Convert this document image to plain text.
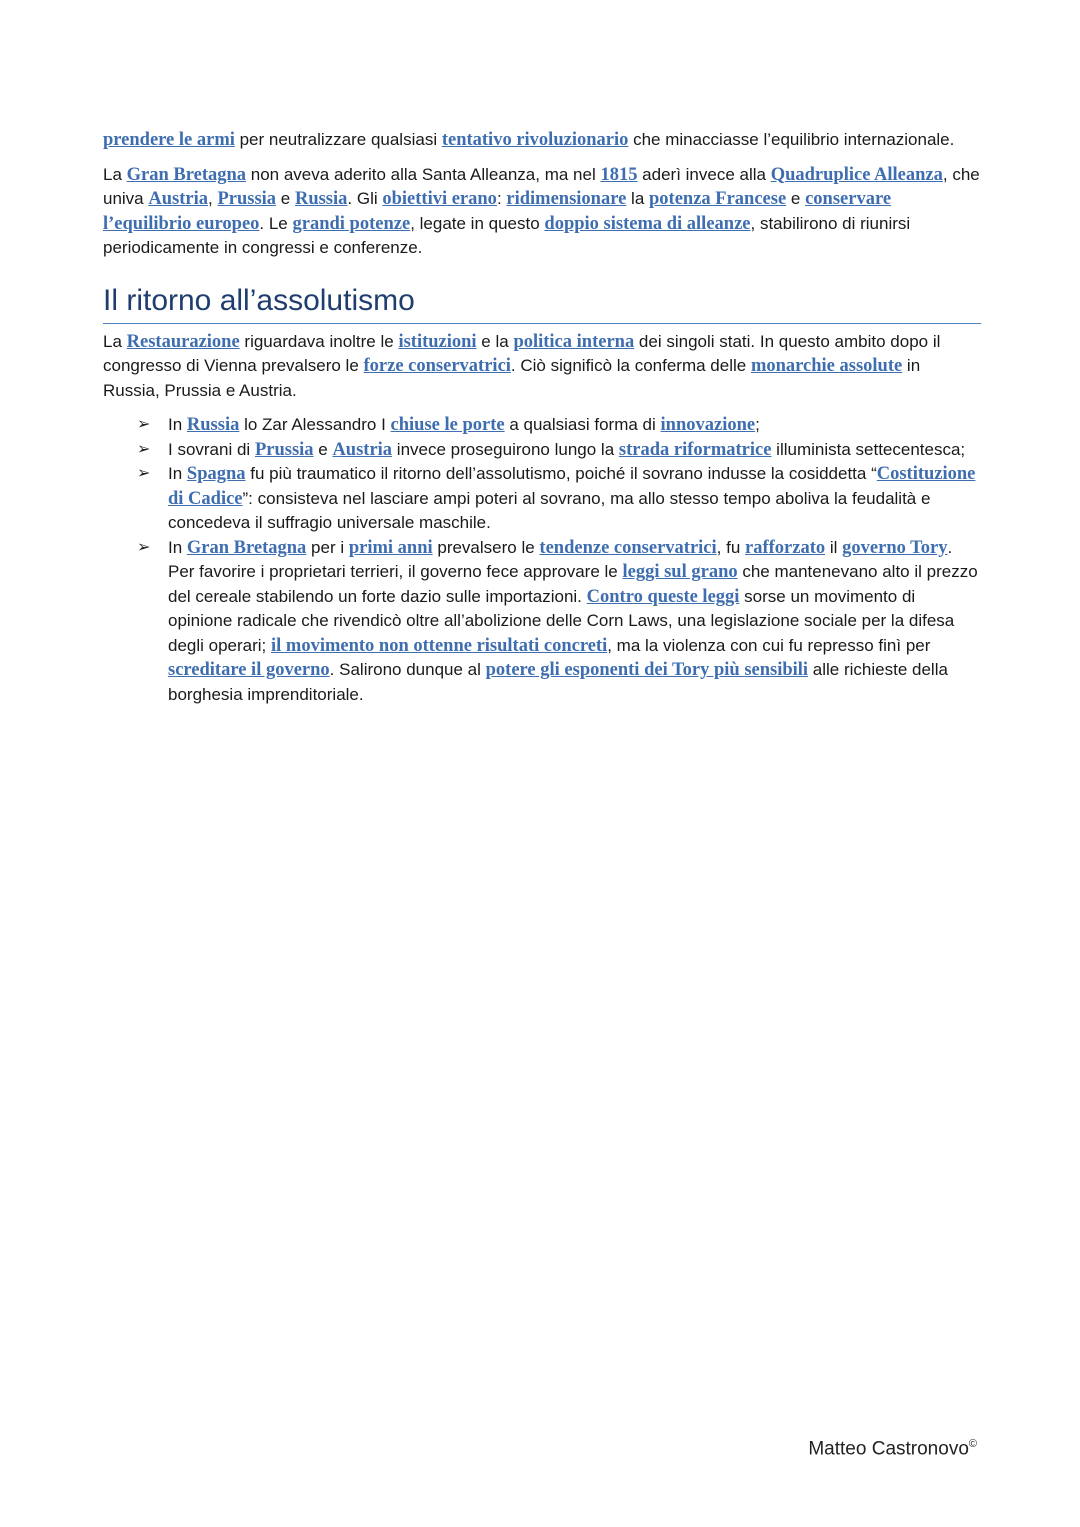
prendere le armi per neutralizzare qualsiasi tentativo rivoluzionario che minacciasse l’equilibrio internazionale.

La Gran Bretagna non aveva aderito alla Santa Alleanza, ma nel 1815 aderì invece alla Quadruplice Alleanza, che univa Austria, Prussia e Russia. Gli obiettivi erano: ridimensionare la potenza Francese e conservare l’equilibrio europeo. Le grandi potenze, legate in questo doppio sistema di alleanze, stabilirono di riunirsi periodicamente in congressi e conferenze.

Il ritorno all’assolutismo

La Restaurazione riguardava inoltre le istituzioni e la politica interna dei singoli stati. In questo ambito dopo il congresso di Vienna prevalsero le forze conservatrici. Ciò significò la conferma delle monarchie assolute in Russia, Prussia e Austria.

➢ In Russia lo Zar Alessandro I chiuse le porte a qualsiasi forma di innovazione;
➢ I sovrani di Prussia e Austria invece proseguirono lungo la strada riformatrice illuminista settecentesca;
➢ In Spagna fu più traumatico il ritorno dell’assolutismo, poiché il sovrano indusse la cosiddetta “Costituzione di Cadice”: consisteva nel lasciare ampi poteri al sovrano, ma allo stesso tempo aboliva la feudalità e concedeva il suffragio universale maschile.
➢ In Gran Bretagna per i primi anni prevalsero le tendenze conservatrici, fu rafforzato il governo Tory. Per favorire i proprietari terrieri, il governo fece approvare le leggi sul grano che mantenevano alto il prezzo del cereale stabilendo un forte dazio sulle importazioni. Contro queste leggi sorse un movimento di opinione radicale che rivendicò oltre all’abolizione delle Corn Laws, una legislazione sociale per la difesa degli operari; il movimento non ottenne risultati concreti, ma la violenza con cui fu represso finì per screditare il governo. Salirono dunque al potere gli esponenti dei Tory più sensibili alle richieste della borghesia imprenditoriale.
Matteo Castronovo©
